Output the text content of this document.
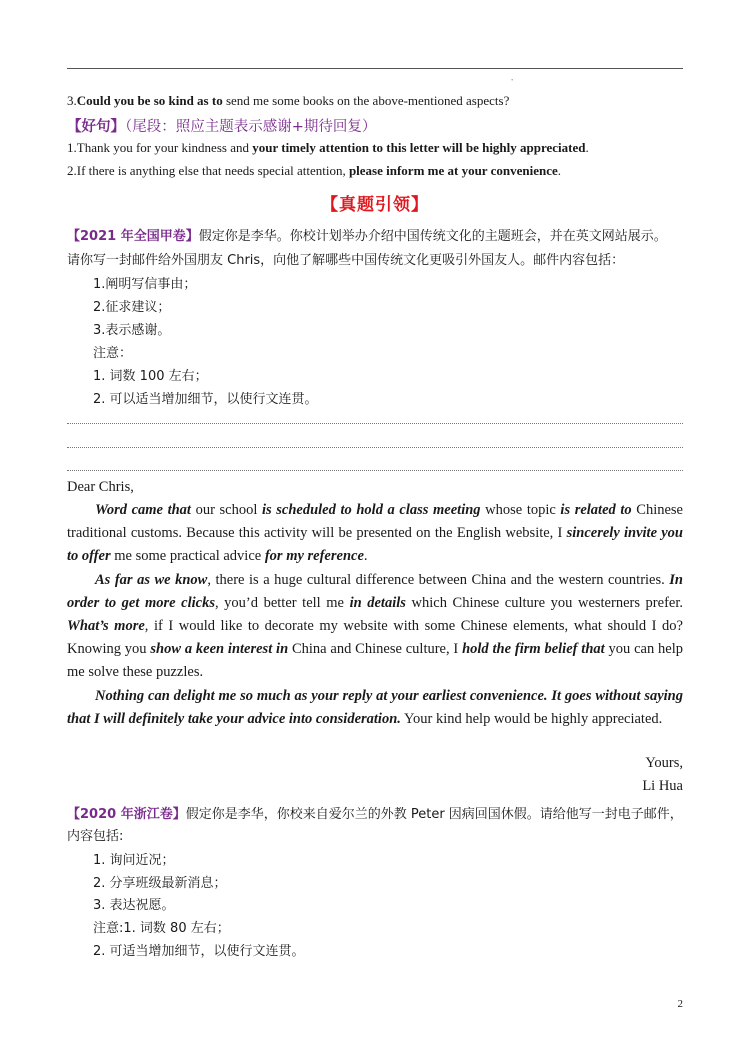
·
3.Could you be so kind as to send me some books on the above-mentioned aspects?
【好句】（尾段：照应主题表示感谢+期待回复）
1.Thank you for your kindness and your timely attention to this letter will be highly appreciated.
2.If there is anything else that needs special attention, please inform me at your convenience.
【真题引领】
【2021 年全国甲卷】假定你是李华。你校计划举办介绍中国传统文化的主题班会，并在英文网站展示。
请你写一封邮件给外国朋友 Chris，向他了解哪些中国传统文化更吸引外国友人。邮件内容包括：
1.阐明写信事由；
2.征求建议；
3.表示感谢。
注意：
1. 词数 100 左右；
2. 可以适当增加细节，以使行文连贯。
Dear Chris,

Word came that our school is scheduled to hold a class meeting whose topic is related to Chinese traditional customs. Because this activity will be presented on the English website, I sincerely invite you to offer me some practical advice for my reference.

As far as we know, there is a huge cultural difference between China and the western countries. In order to get more clicks, you’d better tell me in details which Chinese culture you westerners prefer. What’s more, if I would like to decorate my website with some Chinese elements, what should I do? Knowing you show a keen interest in China and Chinese culture, I hold the firm belief that you can help me solve these puzzles.

Nothing can delight me so much as your reply at your earliest convenience. It goes without saying that I will definitely take your advice into consideration. Your kind help would be highly appreciated.

Yours,
Li Hua
【2020 年浙江卷】假定你是李华，你校来自爱尔兰的外教 Peter 因病回国休假。请给他写一封电子邮件，
内容包括:
1. 询问近况；
2. 分享班级最新消息；
3. 表达祝愿。
注意:1. 词数 80 左右；
2. 可适当增加细节，以使行文连贯。
2
